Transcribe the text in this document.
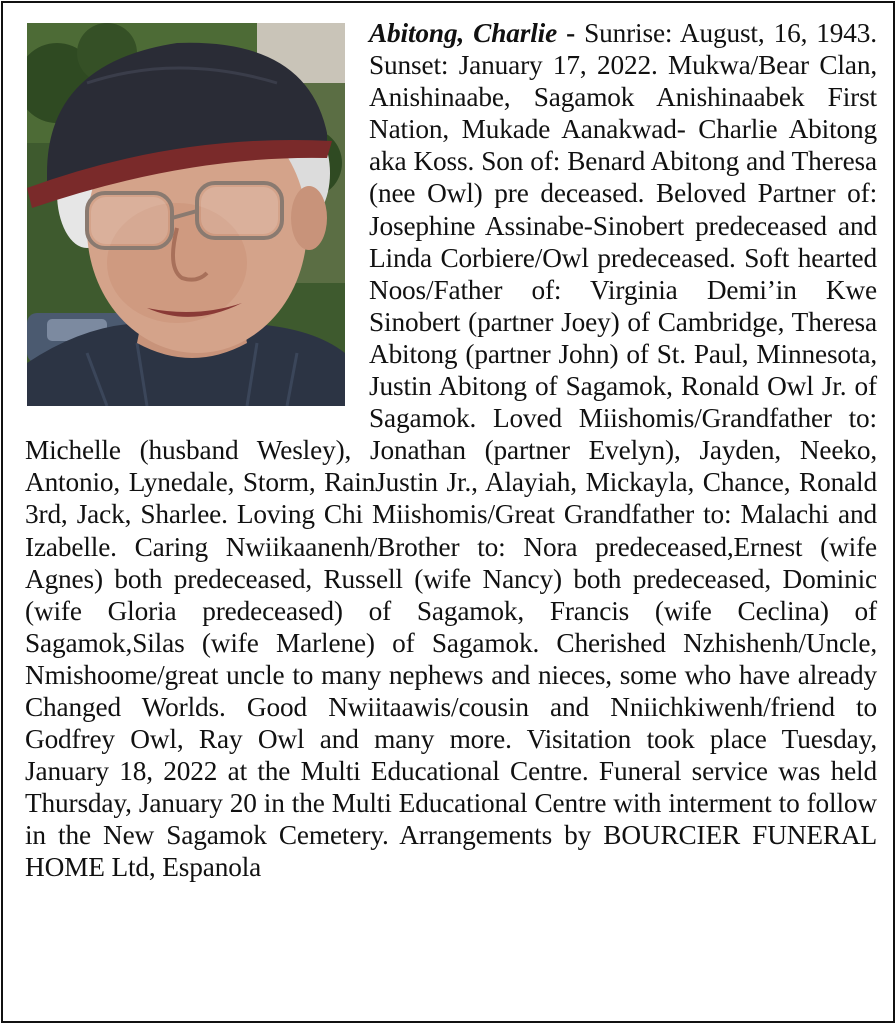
Abitong, Charlie - Sunrise: August, 16, 1943. Sunset: January 17, 2022. Mukwa/Bear Clan, Anishinaabe, Sagamok Anishinaabek First Nation, Mukade Aanakwad- Charlie Abitong aka Koss. Son of: Benard Abitong and Theresa (nee Owl) pre deceased. Beloved Partner of: Josephine Assinabe-Sinobert predeceased and Linda Corbiere/Owl predeceased. Soft hearted Noos/Father of: Virginia Demi’in Kwe Sinobert (partner Joey) of Cambridge, Theresa Abitong (partner John) of St. Paul, Minnesota, Justin Abitong of Sagamok, Ronald Owl Jr. of Sagamok. Loved Miishomis/Grandfather to: Michelle (husband Wesley), Jonathan (partner Evelyn), Jayden, Neeko, Antonio, Lynedale, Storm, RainJustin Jr., Alayiah, Mickayla, Chance, Ronald 3rd, Jack, Sharlee. Loving Chi Miishomis/Great Grandfather to: Malachi and Izabelle. Caring Nwiikaanenh/Brother to: Nora predeceased,Ernest (wife Agnes) both predeceased, Russell (wife Nancy) both predeceased, Dominic (wife Gloria predeceased) of Sagamok, Francis (wife Ceclina) of Sagamok,Silas (wife Marlene) of Sagamok. Cherished Nzhishenh/Uncle, Nmishoome/great uncle to many nephews and nieces, some who have already Changed Worlds. Good Nwiitaawis/cousin and Nniichkiwenh/friend to Godfrey Owl, Ray Owl and many more. Visitation took place Tuesday, January 18, 2022 at the Multi Educational Centre. Funeral service was held Thursday, January 20 in the Multi Educational Centre with interment to follow in the New Sagamok Cemetery. Arrangements by BOURCIER FUNERAL HOME Ltd, Espanola
